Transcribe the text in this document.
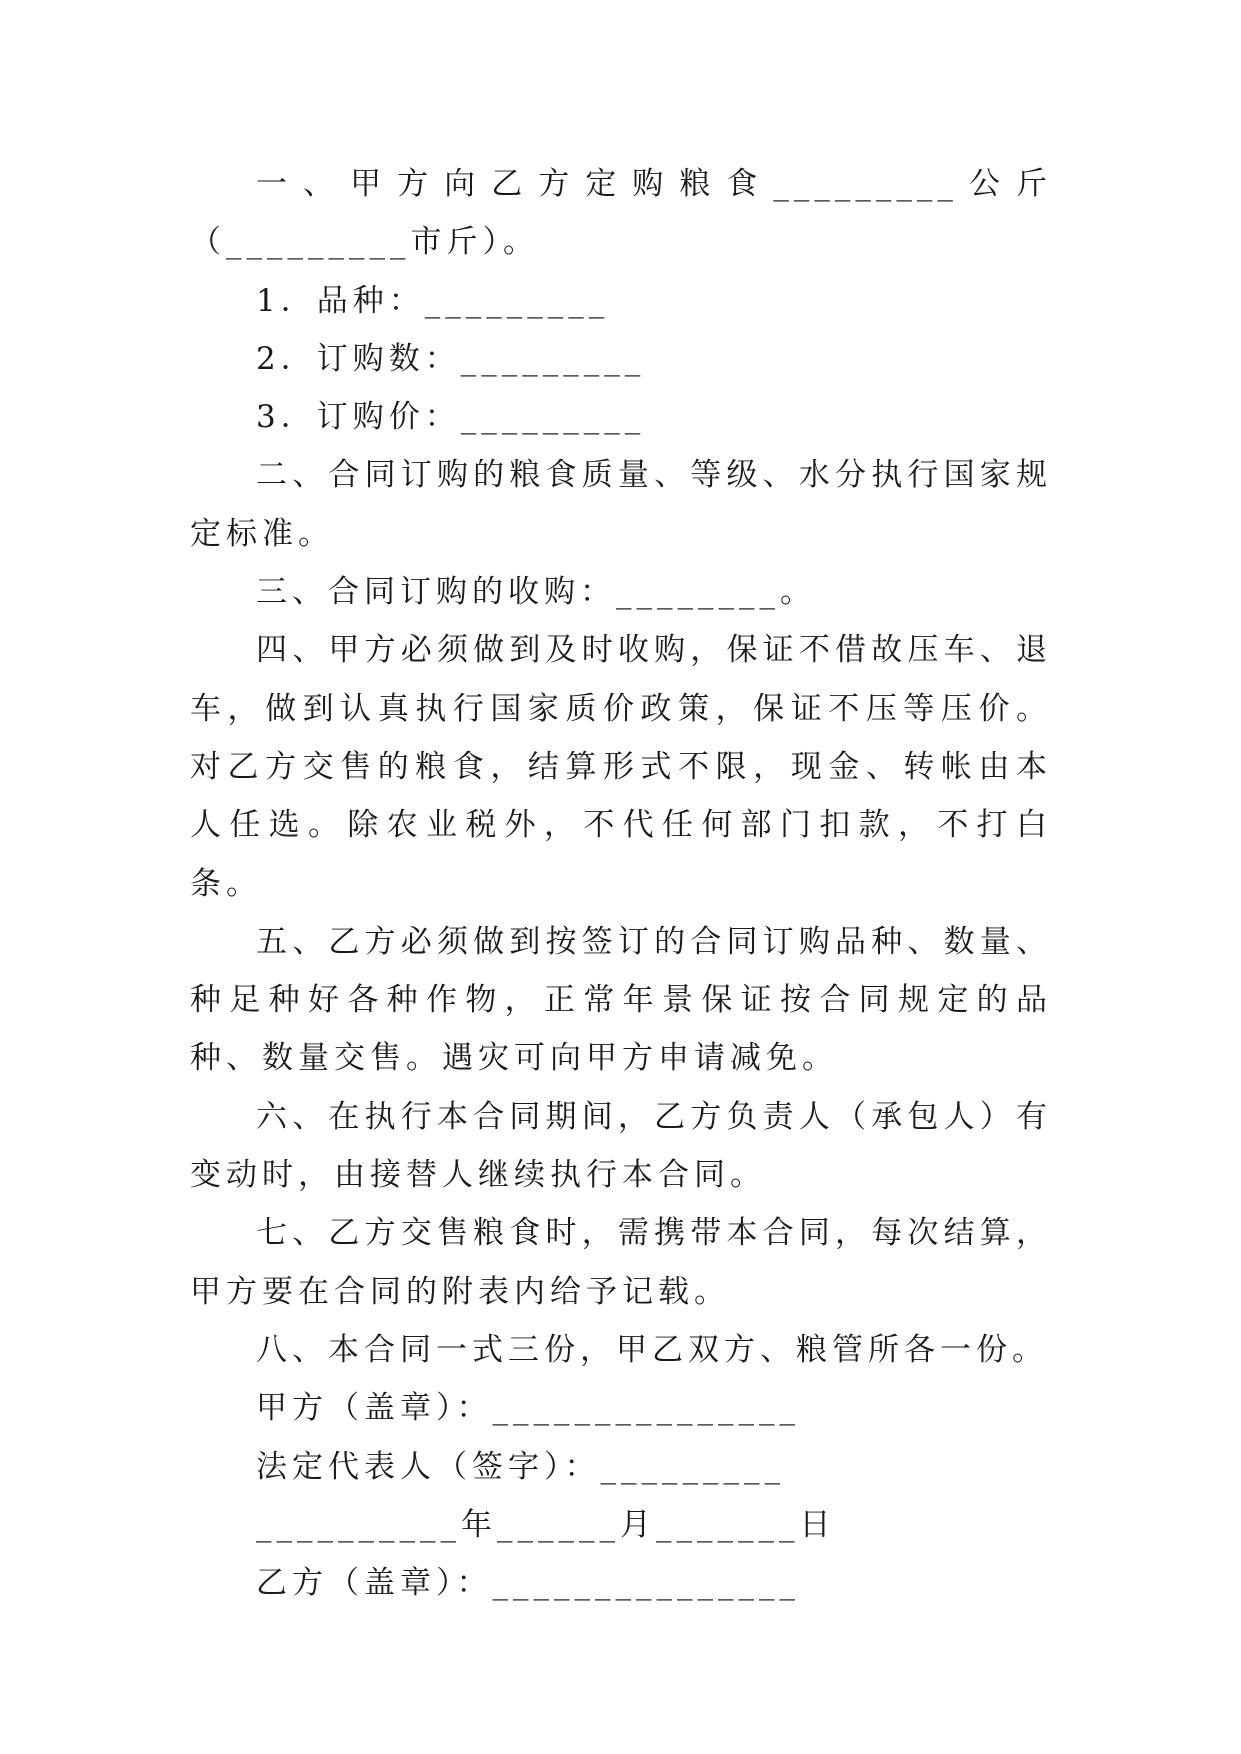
一、甲方向乙方定购粮食_________公斤（_________市斤）。

1．品种：_________

2．订购数：_________

3．订购价：_________

二、合同订购的粮食质量、等级、水分执行国家规定标准。

三、合同订购的收购：________。

四、甲方必须做到及时收购，保证不借故压车、退车，做到认真执行国家质价政策，保证不压等压价。对乙方交售的粮食，结算形式不限，现金、转帐由本人任选。除农业税外，不代任何部门扣款，不打白条。

五、乙方必须做到按签订的合同订购品种、数量、种足种好各种作物，正常年景保证按合同规定的品种、数量交售。遇灾可向甲方申请减免。

六、在执行本合同期间，乙方负责人（承包人）有变动时，由接替人继续执行本合同。

七、乙方交售粮食时，需携带本合同，每次结算，甲方要在合同的附表内给予记载。

八、本合同一式三份，甲乙双方、粮管所各一份。

甲方（盖章）：_______________

法定代表人（签字）：_________

__________年______月_______日

乙方（盖章）：_______________
